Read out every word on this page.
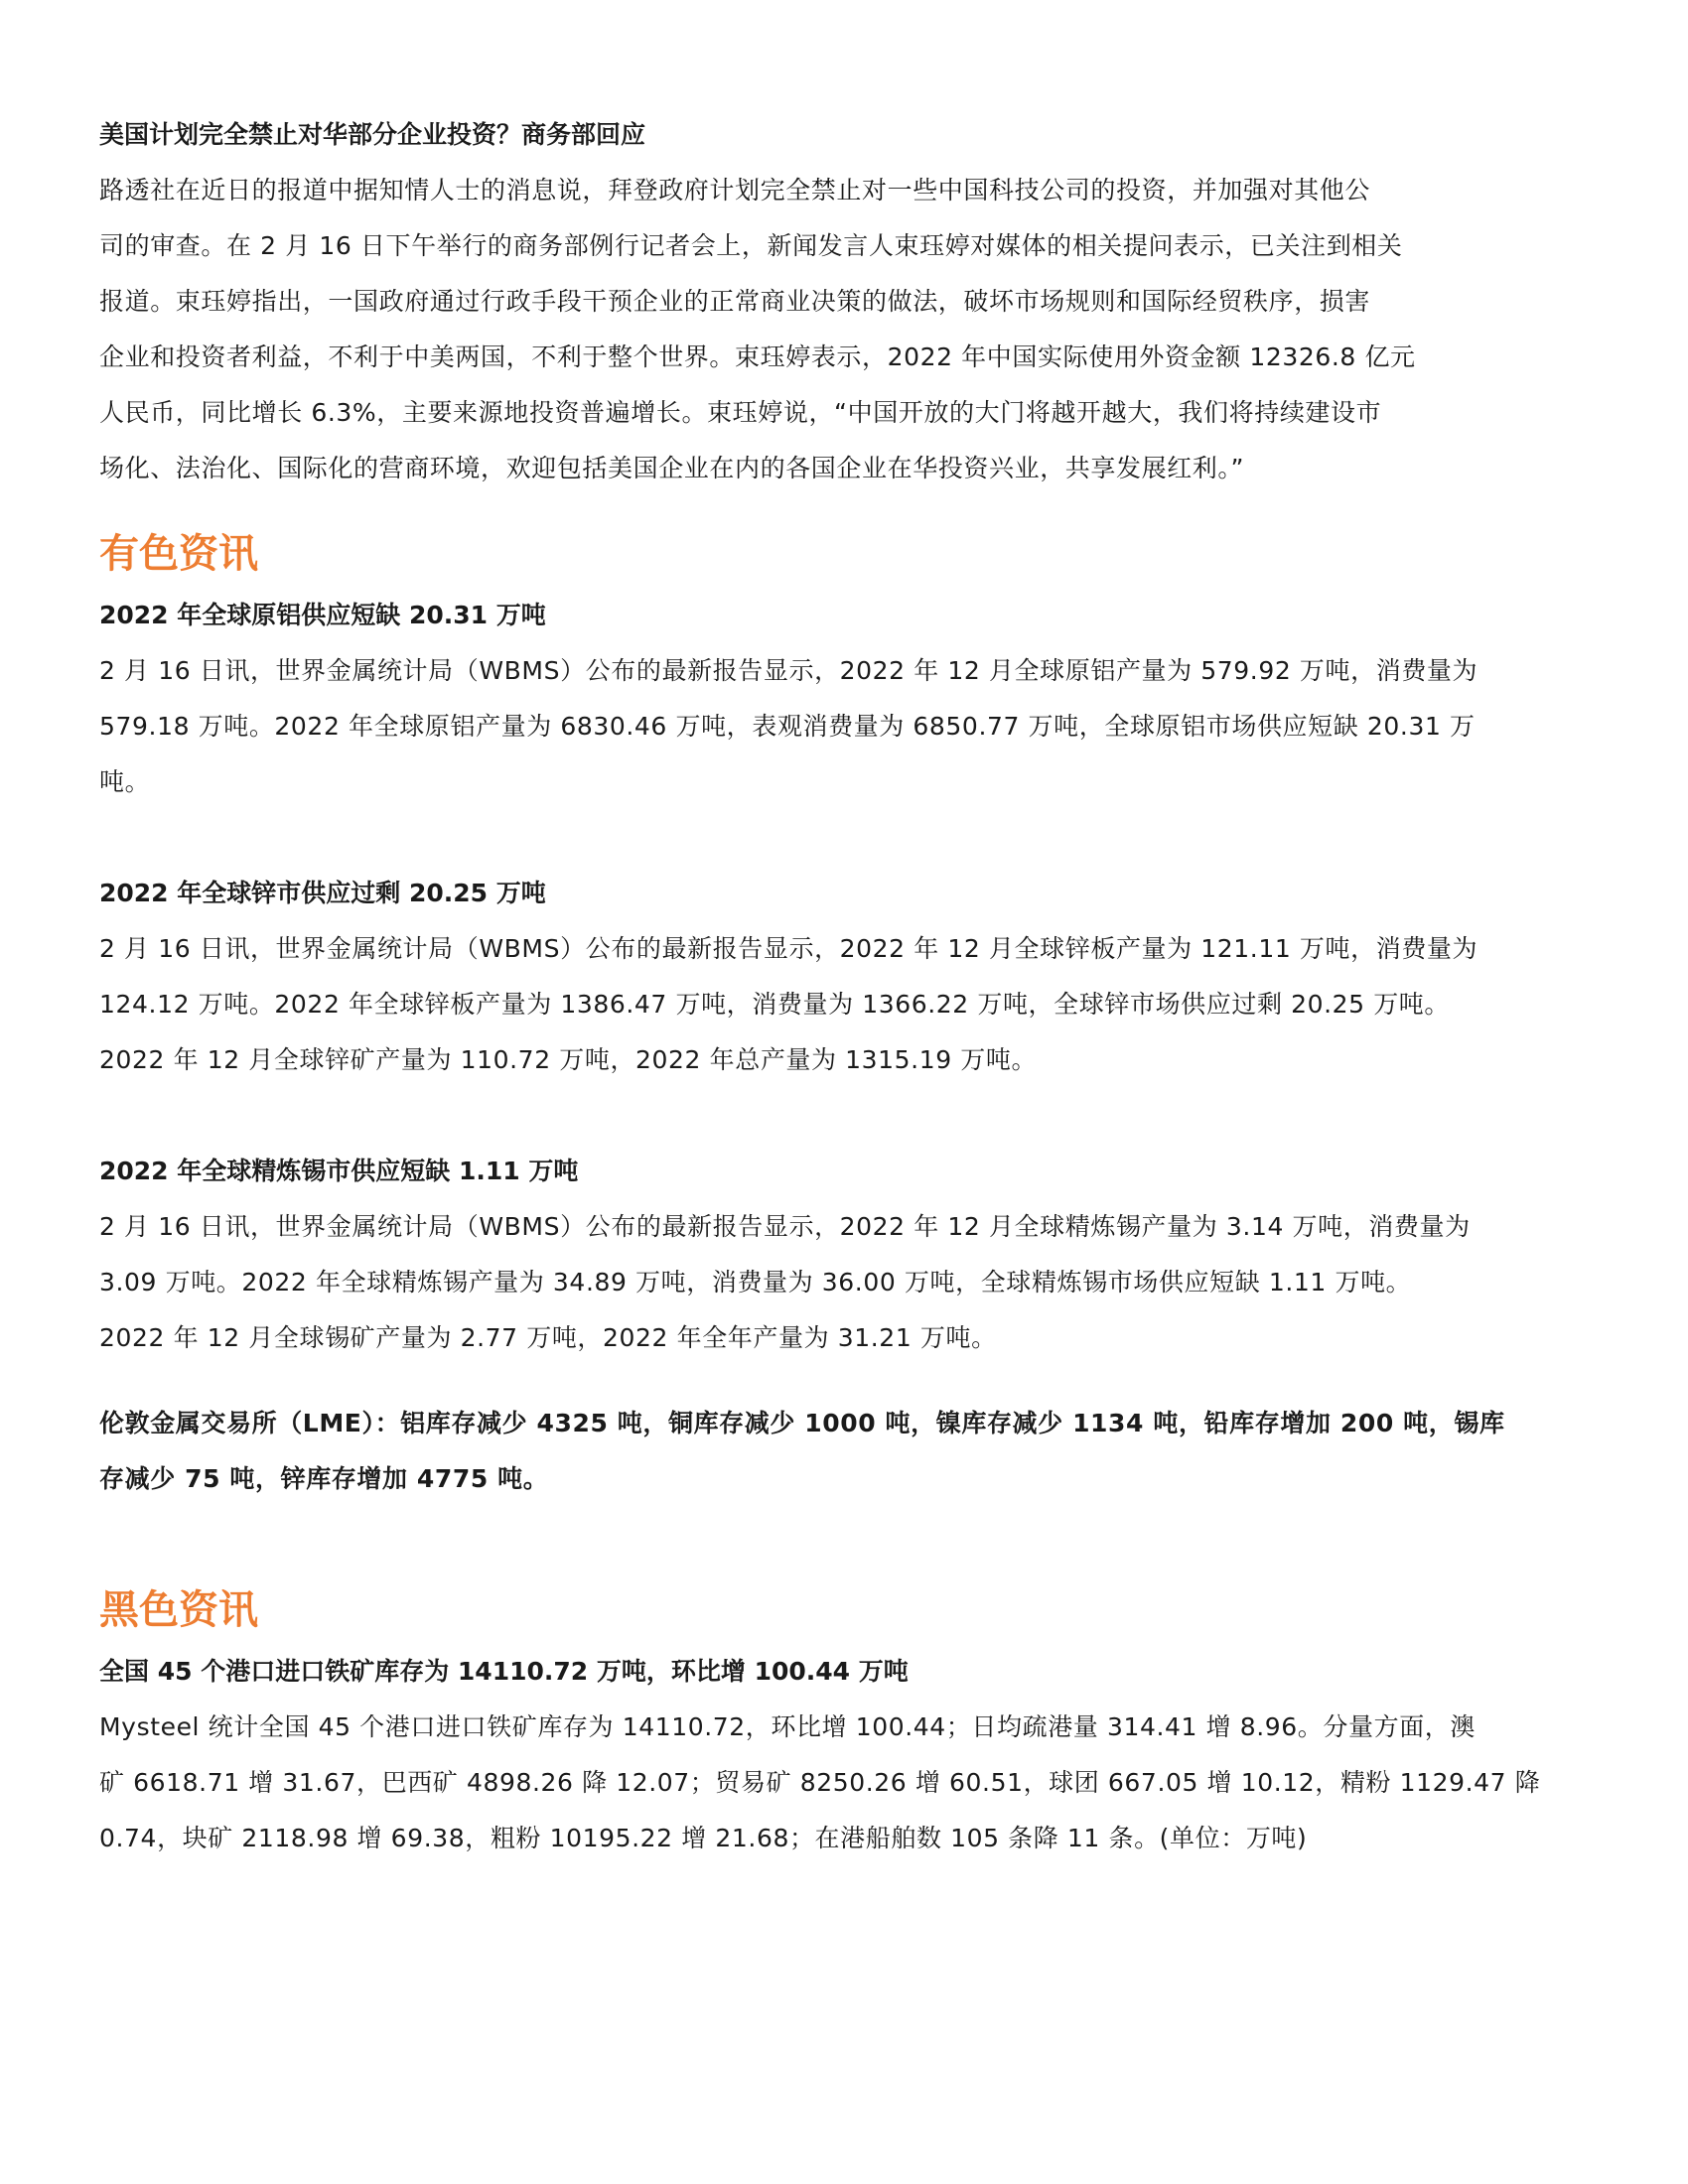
美国计划完全禁止对华部分企业投资？商务部回应

路透社在近日的报道中据知情人士的消息说，拜登政府计划完全禁止对一些中国科技公司的投资，并加强对其他公
司的审查。在 2 月 16 日下午举行的商务部例行记者会上，新闻发言人束珏婷对媒体的相关提问表示，已关注到相关
报道。束珏婷指出，一国政府通过行政手段干预企业的正常商业决策的做法，破坏市场规则和国际经贸秩序，损害
企业和投资者利益，不利于中美两国，不利于整个世界。束珏婷表示，2022 年中国实际使用外资金额 12326.8 亿元
人民币，同比增长 6.3%，主要来源地投资普遍增长。束珏婷说，“中国开放的大门将越开越大，我们将持续建设市
场化、法治化、国际化的营商环境，欢迎包括美国企业在内的各国企业在华投资兴业，共享发展红利。”

有色资讯

2022 年全球原铝供应短缺 20.31 万吨

2 月 16 日讯，世界金属统计局（WBMS）公布的最新报告显示，2022 年 12 月全球原铝产量为 579.92 万吨，消费量为
579.18 万吨。2022 年全球原铝产量为 6830.46 万吨，表观消费量为 6850.77 万吨，全球原铝市场供应短缺 20.31 万
吨。

2022 年全球锌市供应过剩 20.25 万吨

2 月 16 日讯，世界金属统计局（WBMS）公布的最新报告显示，2022 年 12 月全球锌板产量为 121.11 万吨，消费量为
124.12 万吨。2022 年全球锌板产量为 1386.47 万吨，消费量为 1366.22 万吨，全球锌市场供应过剩 20.25 万吨。
2022 年 12 月全球锌矿产量为 110.72 万吨，2022 年总产量为 1315.19 万吨。

2022 年全球精炼锡市供应短缺 1.11 万吨

2 月 16 日讯，世界金属统计局（WBMS）公布的最新报告显示，2022 年 12 月全球精炼锡产量为 3.14 万吨，消费量为
3.09 万吨。2022 年全球精炼锡产量为 34.89 万吨，消费量为 36.00 万吨，全球精炼锡市场供应短缺 1.11 万吨。
2022 年 12 月全球锡矿产量为 2.77 万吨，2022 年全年产量为 31.21 万吨。

伦敦金属交易所（LME）：铝库存减少 4325 吨，铜库存减少 1000 吨，镍库存减少 1134 吨，铅库存增加 200 吨，锡库
存减少 75 吨，锌库存增加 4775 吨。

黑色资讯

全国 45 个港口进口铁矿库存为 14110.72 万吨，环比增 100.44 万吨

Mysteel 统计全国 45 个港口进口铁矿库存为 14110.72，环比增 100.44；日均疏港量 314.41 增 8.96。分量方面，澳
矿 6618.71 增 31.67，巴西矿 4898.26 降 12.07；贸易矿 8250.26 增 60.51，球团 667.05 增 10.12，精粉 1129.47 降
0.74，块矿 2118.98 增 69.38，粗粉 10195.22 增 21.68；在港船舶数 105 条降 11 条。(单位：万吨)
